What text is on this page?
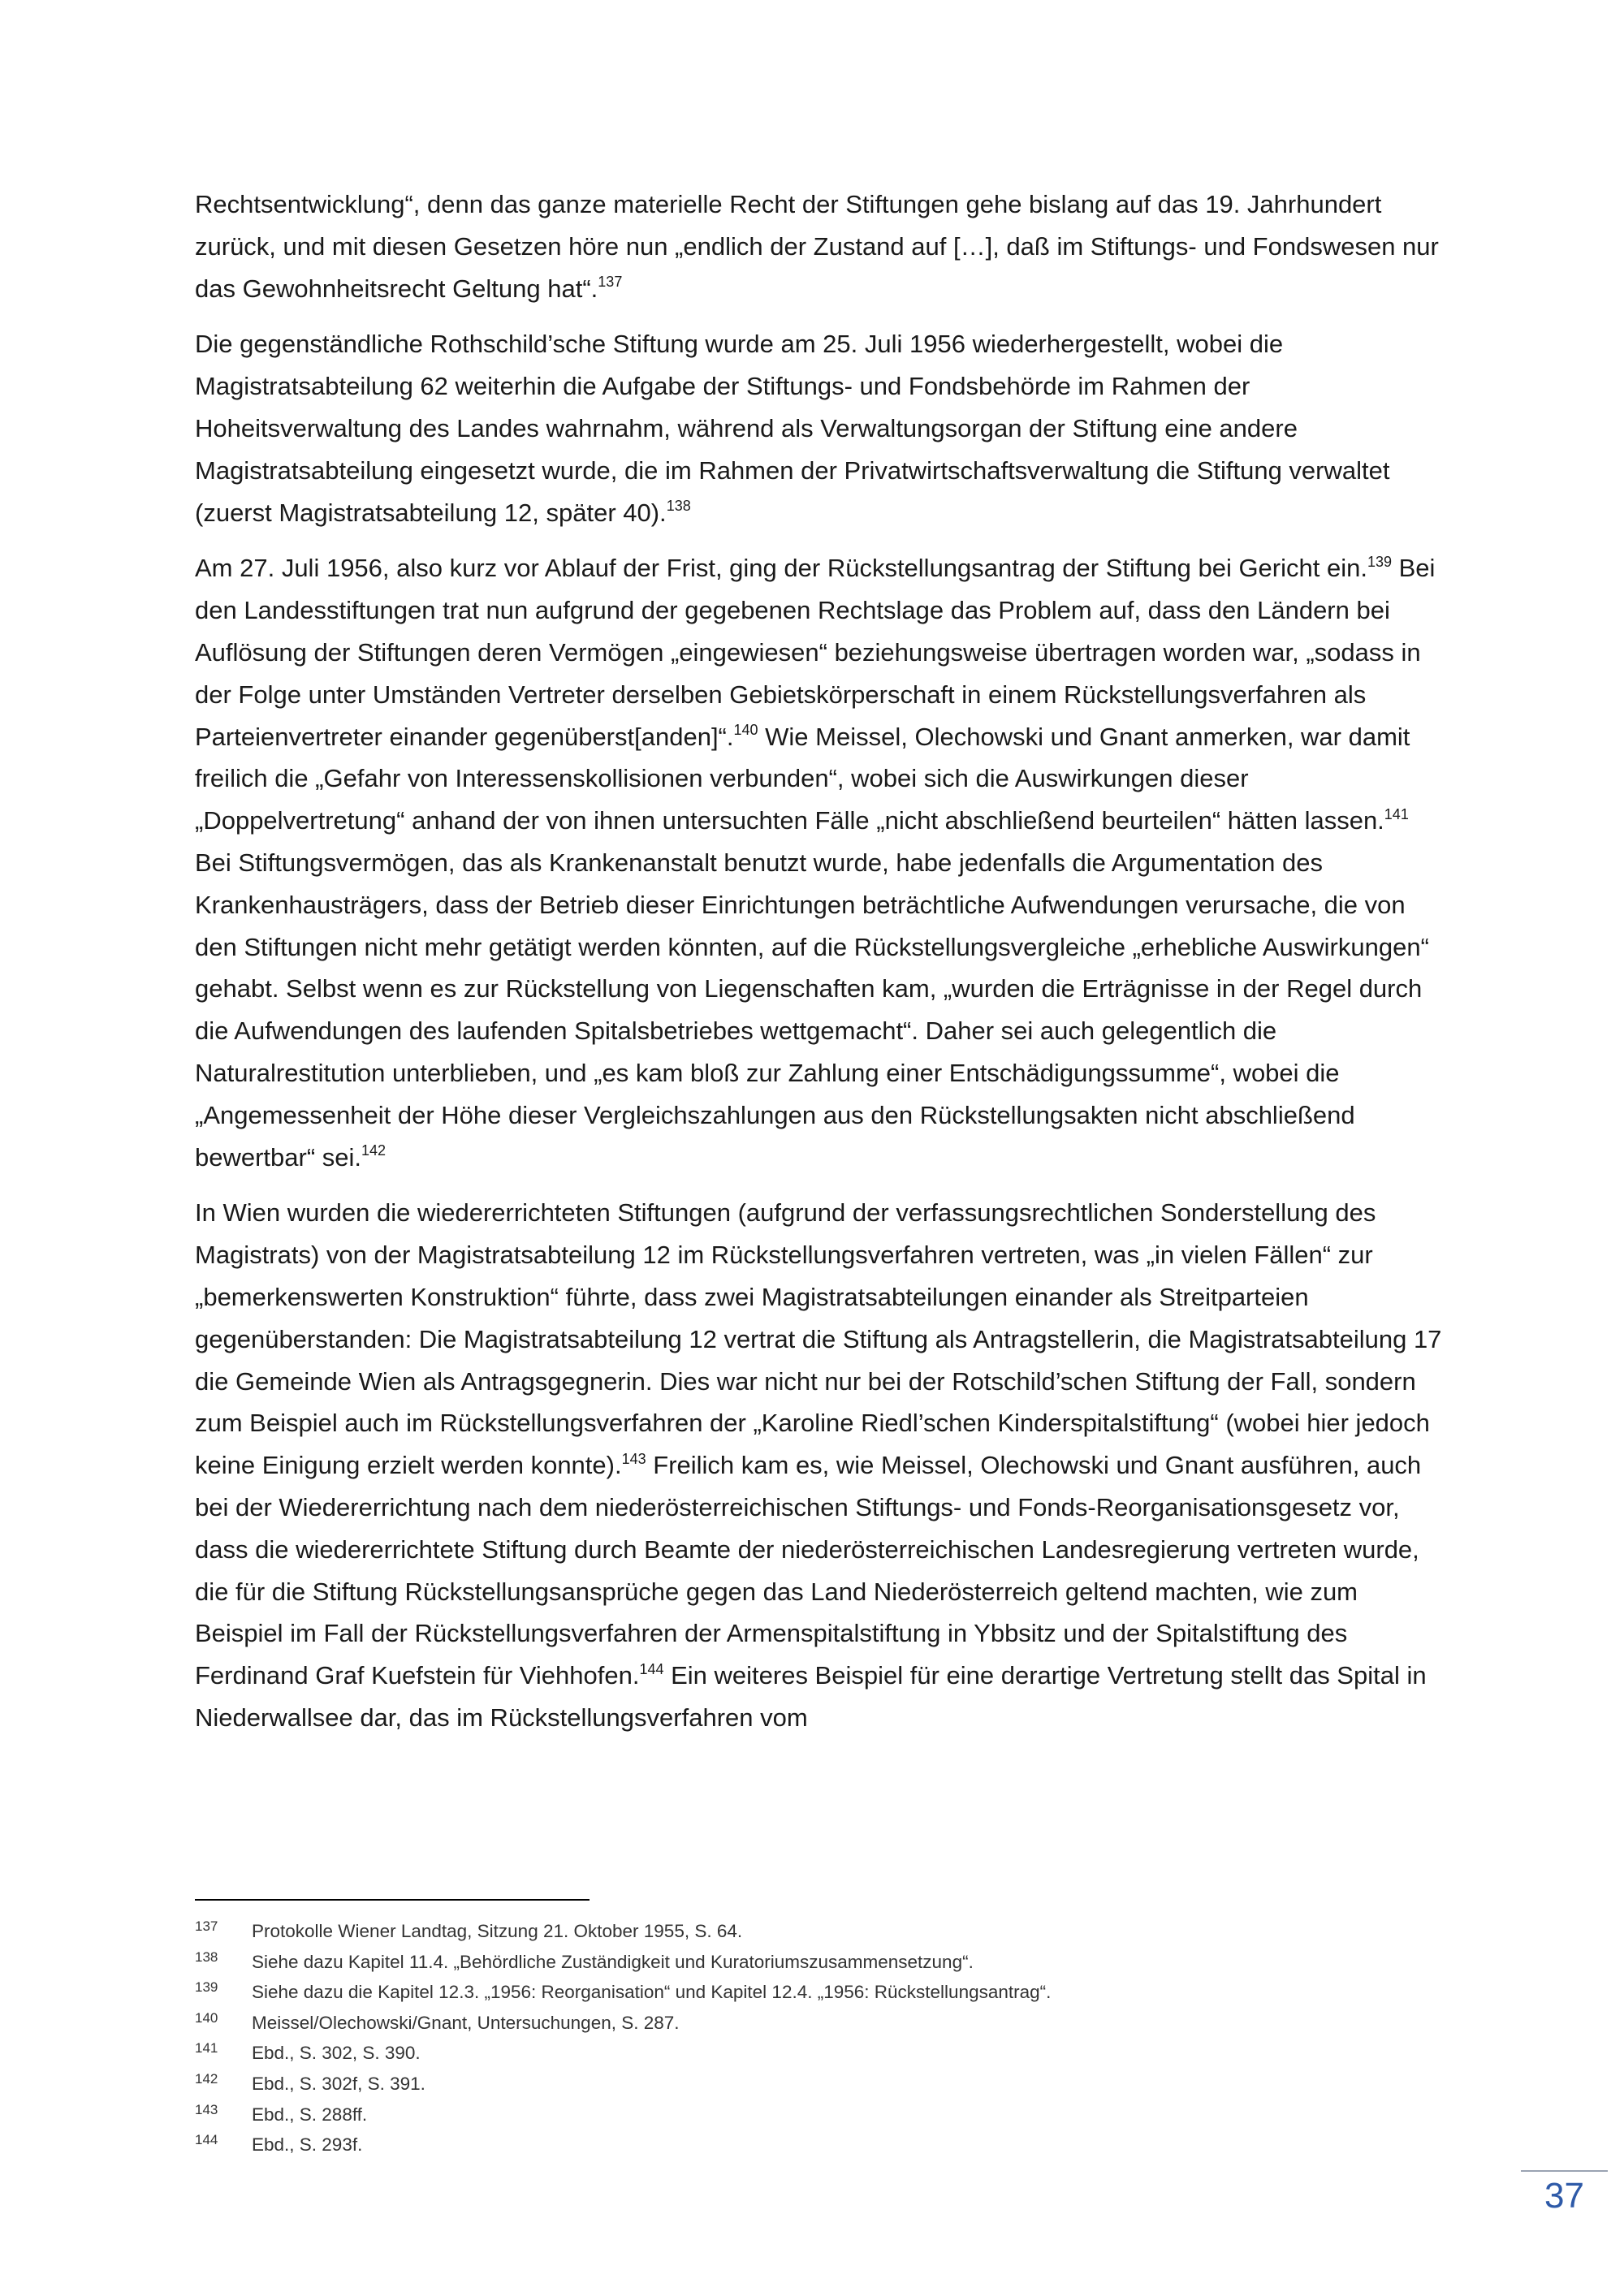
Rechtsentwicklung“, denn das ganze materielle Recht der Stiftungen gehe bislang auf das 19. Jahrhundert zurück, und mit diesen Gesetzen höre nun „endlich der Zustand auf […], daß im Stiftungs- und Fondswesen nur das Gewohnheitsrecht Geltung hat“.$^{137}$

Die gegenständliche Rothschild’sche Stiftung wurde am 25. Juli 1956 wiederhergestellt, wobei die Magistratsabteilung 62 weiterhin die Aufgabe der Stiftungs- und Fondsbehörde im Rahmen der Hoheitsverwaltung des Landes wahrnahm, während als Verwaltungsorgan der Stiftung eine andere Magistratsabteilung eingesetzt wurde, die im Rahmen der Privatwirtschaftsverwaltung die Stiftung verwaltet (zuerst Magistratsabteilung 12, später 40).$^{138}$

Am 27. Juli 1956, also kurz vor Ablauf der Frist, ging der Rückstellungsantrag der Stiftung bei Gericht ein.$^{139}$ Bei den Landesstiftungen trat nun aufgrund der gegebenen Rechtslage das Problem auf, dass den Ländern bei Auflösung der Stiftungen deren Vermögen „eingewiesen“ beziehungsweise übertragen worden war, „sodass in der Folge unter Umständen Vertreter derselben Gebietskörperschaft in einem Rückstellungsverfahren als Parteienvertreter einander gegenüberst[anden]“.$^{140}$ Wie Meissel, Olechowski und Gnant anmerken, war damit freilich die „Gefahr von Interessenskollisionen verbunden“, wobei sich die Auswirkungen dieser „Doppelvertretung“ anhand der von ihnen untersuchten Fälle „nicht abschließend beurteilen“ hätten lassen.$^{141}$ Bei Stiftungsvermögen, das als Krankenanstalt benutzt wurde, habe jedenfalls die Argumentation des Krankenhausträgers, dass der Betrieb dieser Einrichtungen beträchtliche Aufwendungen verursache, die von den Stiftungen nicht mehr getätigt werden könnten, auf die Rückstellungsvergleiche „erhebliche Auswirkungen“ gehabt. Selbst wenn es zur Rückstellung von Liegenschaften kam, „wurden die Erträgnisse in der Regel durch die Aufwendungen des laufenden Spitalsbetriebes wettgemacht“. Daher sei auch gelegentlich die Naturalrestitution unterblieben, und „es kam bloß zur Zahlung einer Entschädigungssumme“, wobei die „Angemessenheit der Höhe dieser Vergleichszahlungen aus den Rückstellungsakten nicht abschließend bewertbar“ sei.$^{142}$

In Wien wurden die wiedererrichteten Stiftungen (aufgrund der verfassungsrechtlichen Sonderstellung des Magistrats) von der Magistratsabteilung 12 im Rückstellungsverfahren vertreten, was „in vielen Fällen“ zur „bemerkenswerten Konstruktion“ führte, dass zwei Magistratsabteilungen einander als Streitparteien gegenüberstanden: Die Magistratsabteilung 12 vertrat die Stiftung als Antragstellerin, die Magistratsabteilung 17 die Gemeinde Wien als Antragsgegnerin. Dies war nicht nur bei der Rotschild’schen Stiftung der Fall, sondern zum Beispiel auch im Rückstellungsverfahren der „Karoline Riedl’schen Kinderspitalstiftung“ (wobei hier jedoch keine Einigung erzielt werden konnte).$^{143}$ Freilich kam es, wie Meissel, Olechowski und Gnant ausführen, auch bei der Wiedererrichtung nach dem niederösterreichischen Stiftungs- und Fonds-Reorganisationsgesetz vor, dass die wiedererrichtete Stiftung durch Beamte der niederösterreichischen Landesregierung vertreten wurde, die für die Stiftung Rückstellungsansprüche gegen das Land Niederösterreich geltend machten, wie zum Beispiel im Fall der Rückstellungsverfahren der Armenspitalstiftung in Ybbsitz und der Spitalstiftung des Ferdinand Graf Kuefstein für Viehhofen.$^{144}$ Ein weiteres Beispiel für eine derartige Vertretung stellt das Spital in Niederwallsee dar, das im Rückstellungsverfahren vom

137	Protokolle Wiener Landtag, Sitzung 21. Oktober 1955, S. 64.
138	Siehe dazu Kapitel 11.4. „Behördliche Zuständigkeit und Kuratoriumszusammensetzung“.
139	Siehe dazu die Kapitel 12.3. „1956: Reorganisation“ und Kapitel 12.4. „1956: Rückstellungsantrag“.
140	Meissel/Olechowski/Gnant, Untersuchungen, S. 287.
141	Ebd., S. 302, S. 390.
142	Ebd., S. 302f, S. 391.
143	Ebd., S. 288ff.
144	Ebd., S. 293f.
37
